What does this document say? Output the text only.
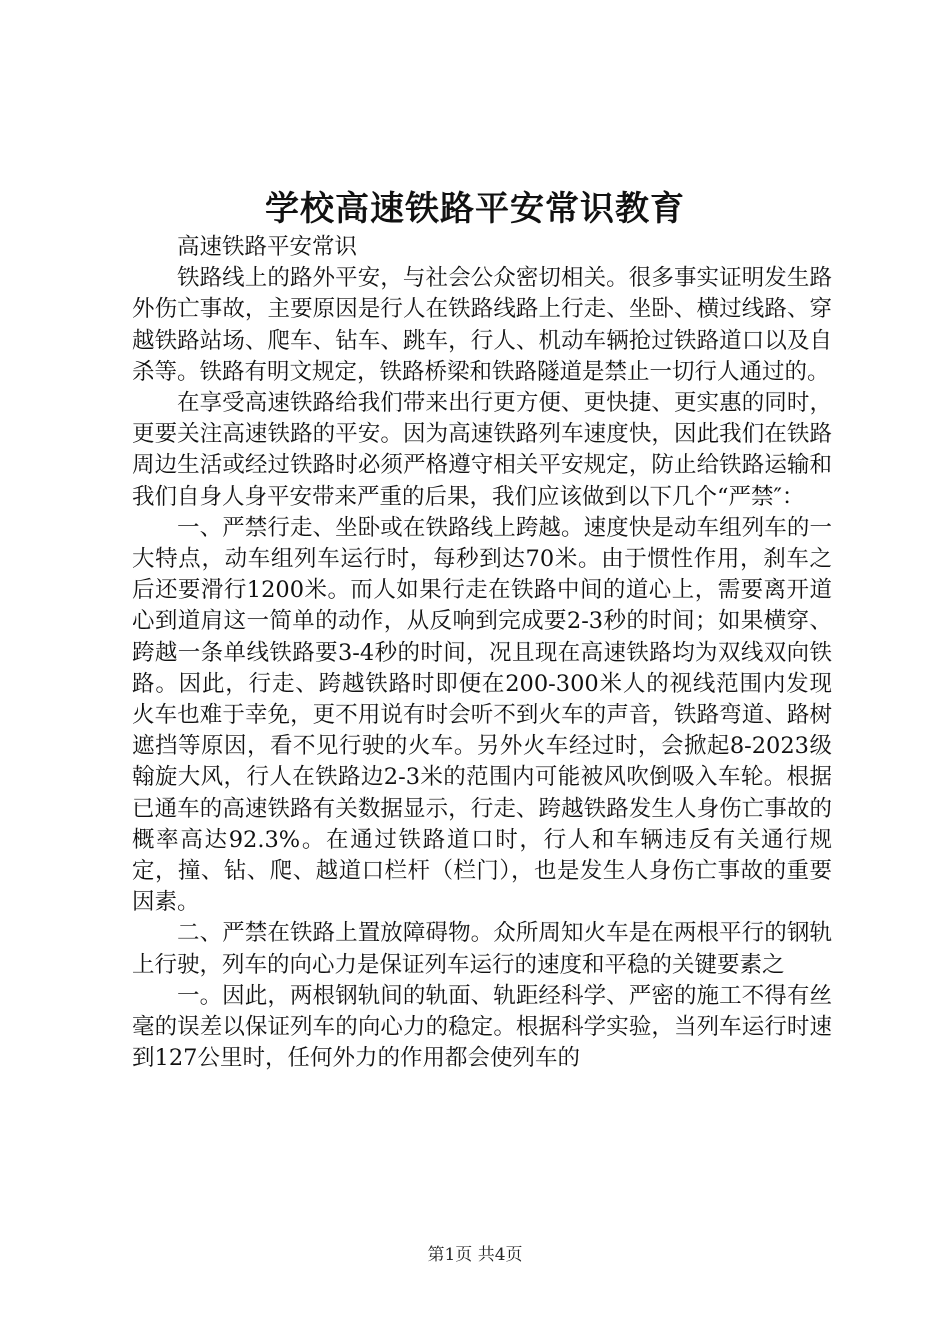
学校高速铁路平安常识教育

高速铁路平安常识

铁路线上的路外平安，与社会公众密切相关。很多事实证明发生路外伤亡事故，主要原因是行人在铁路线路上行走、坐卧、横过线路、穿越铁路站场、爬车、钻车、跳车，行人、机动车辆抢过铁路道口以及自杀等。铁路有明文规定，铁路桥梁和铁路隧道是禁止一切行人通过的。

在享受高速铁路给我们带来出行更方便、更快捷、更实惠的同时，更要关注高速铁路的平安。因为高速铁路列车速度快，因此我们在铁路周边生活或经过铁路时必须严格遵守相关平安规定，防止给铁路运输和我们自身人身平安带来严重的后果，我们应该做到以下几个“严禁″：

一、严禁行走、坐卧或在铁路线上跨越。速度快是动车组列车的一大特点，动车组列车运行时，每秒到达70米。由于惯性作用，刹车之后还要滑行1200米。而人如果行走在铁路中间的道心上，需要离开道心到道肩这一简单的动作，从反响到完成要2-3秒的时间；如果横穿、跨越一条单线铁路要3-4秒的时间，况且现在高速铁路均为双线双向铁路。因此，行走、跨越铁路时即便在200-300米人的视线范围内发现火车也难于幸免，更不用说有时会听不到火车的声音，铁路弯道、路树遮挡等原因，看不见行驶的火车。另外火车经过时，会掀起8-2023级翰旋大风，行人在铁路边2-3米的范围内可能被风吹倒吸入车轮。根据已通车的高速铁路有关数据显示，行走、跨越铁路发生人身伤亡事故的概率高达92.3%。在通过铁路道口时，行人和车辆违反有关通行规定，撞、钻、爬、越道口栏杆（栏门），也是发生人身伤亡事故的重要因素。

二、严禁在铁路上置放障碍物。众所周知火车是在两根平行的钢轨上行驶，列车的向心力是保证列车运行的速度和平稳的关键要素之

一。因此，两根钢轨间的轨面、轨距经科学、严密的施工不得有丝毫的误差以保证列车的向心力的稳定。根据科学实验，当列车运行时速到127公里时，任何外力的作用都会使列车的

第1页 共4页
